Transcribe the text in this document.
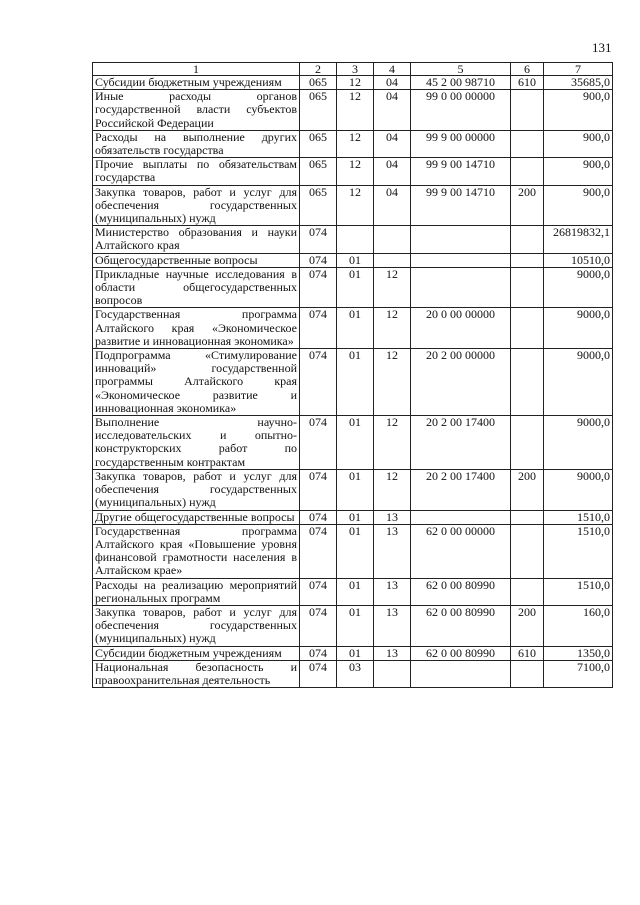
131
1	2	3	4	5	6	7
Субсидии бюджетным учреждениям	065	12	04	45 2 00 98710	610	35685,0
Иные расходы органов государственной власти субъектов Российской Федерации	065	12	04	99 0 00 00000		900,0
Расходы на выполнение других обязательств государства	065	12	04	99 9 00 00000		900,0
Прочие выплаты по обязательствам государства	065	12	04	99 9 00 14710		900,0
Закупка товаров, работ и услуг для обеспечения государственных (муниципальных) нужд	065	12	04	99 9 00 14710	200	900,0
Министерство образования и науки Алтайского края	074					26819832,1
Общегосударственные вопросы	074	01				10510,0
Прикладные научные исследования в области общегосударственных вопросов	074	01	12			9000,0
Государственная программа Алтайского края «Экономическое развитие и инновационная экономика»	074	01	12	20 0 00 00000		9000,0
Подпрограмма «Стимулирование инноваций» государственной программы Алтайского края «Экономическое развитие и инновационная экономика»	074	01	12	20 2 00 00000		9000,0
Выполнение научно-исследовательских и опытно-конструкторских работ по государственным контрактам	074	01	12	20 2 00 17400		9000,0
Закупка товаров, работ и услуг для обеспечения государственных (муниципальных) нужд	074	01	12	20 2 00 17400	200	9000,0
Другие общегосударственные вопросы	074	01	13			1510,0
Государственная программа Алтайского края «Повышение уровня финансовой грамотности населения в Алтайском крае»	074	01	13	62 0 00 00000		1510,0
Расходы на реализацию мероприятий региональных программ	074	01	13	62 0 00 80990		1510,0
Закупка товаров, работ и услуг для обеспечения государственных (муниципальных) нужд	074	01	13	62 0 00 80990	200	160,0
Субсидии бюджетным учреждениям	074	01	13	62 0 00 80990	610	1350,0
Национальная безопасность и правоохранительная деятельность	074	03				7100,0
